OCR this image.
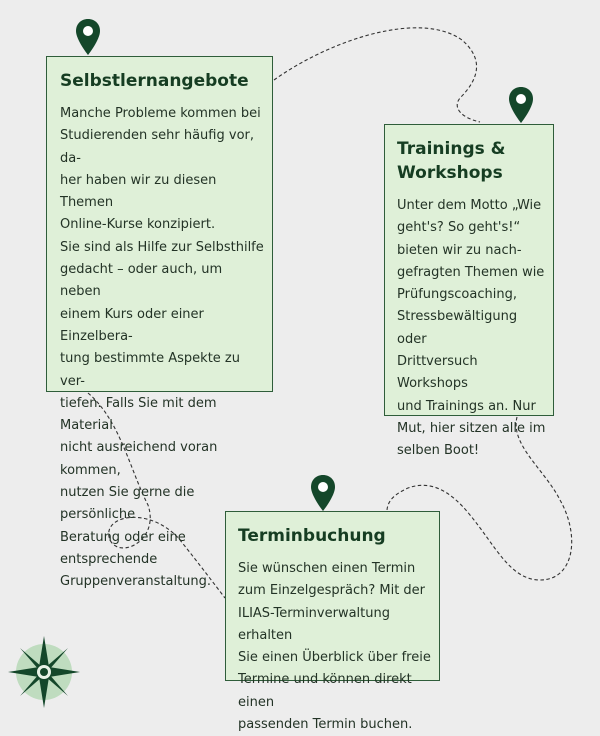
Selbstlernangebote

Manche Probleme kommen bei
Studierenden sehr häufig vor, da-
her haben wir zu diesen Themen
Online-Kurse konzipiert.
Sie sind als Hilfe zur Selbsthilfe
gedacht – oder auch, um neben
einem Kurs oder einer Einzelbera-
tung bestimmte Aspekte zu ver-
tiefen. Falls Sie mit dem Material
nicht ausreichend voran kommen,
nutzen Sie gerne die persönliche
Beratung oder eine entsprechende
Gruppenveranstaltung.

Trainings &
Workshops

Unter dem Motto „Wie
geht's? So geht's!“
bieten wir zu nach-
gefragten Themen wie
Prüfungscoaching,
Stressbewältigung oder
Drittversuch Workshops
und Trainings an. Nur
Mut, hier sitzen alle im
selben Boot!

Terminbuchung

Sie wünschen einen Termin
zum Einzelgespräch? Mit der
ILIAS-Terminverwaltung erhalten
Sie einen Überblick über freie
Termine und können direkt einen
passenden Termin buchen.
